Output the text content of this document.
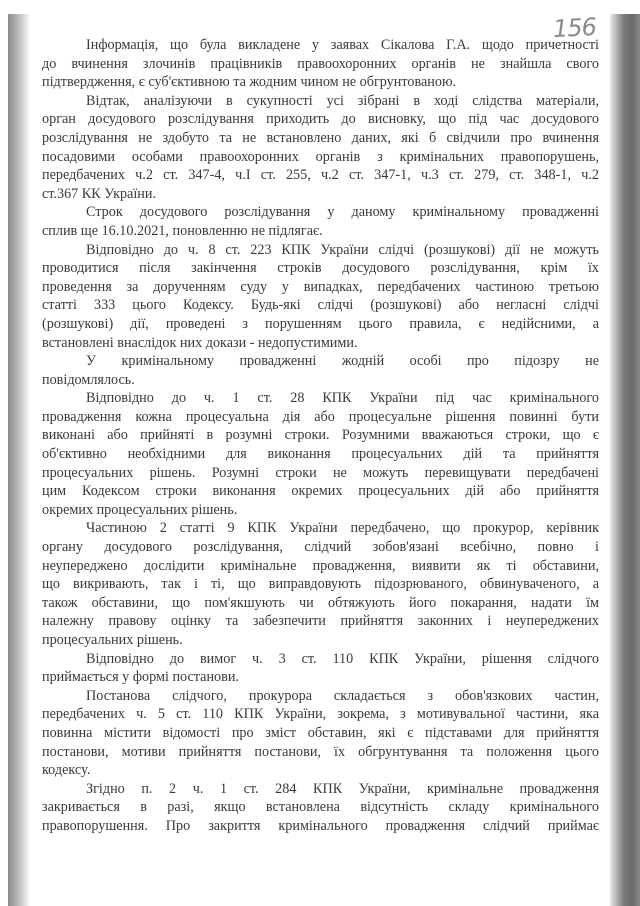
156
Інформація, що була викладене у заявах Сікалова Г.А. щодо причетності
до вчинення злочинів працівників правоохоронних органів не знайшла свого
підтвердження, є суб'єктивною та жодним чином не обгрунтованою.
Відтак, аналізуючи в сукупності усі зібрані в ході слідства матеріали,
орган досудового розслідування приходить до висновку, що під час досудового
розслідування не здобуто та не встановлено даних, які б свідчили про вчинення
посадовими особами правоохоронних органів з кримінальних правопорушень,
передбачених ч.2 ст. 347-4, ч.І ст. 255, ч.2 ст. 347-1, ч.3 ст. 279, ст. 348-1, ч.2
ст.367 КК України.
Строк досудового розслідування у даному кримінальному провадженні
сплив ще 16.10.2021, поновленню не підлягає.
Відповідно до ч. 8 ст. 223 КПК України слідчі (розшукові) дії не можуть
проводитися після закінчення строків досудового розслідування, крім їх
проведення за дорученням суду у випадках, передбачених частиною третьою
статті 333 цього Кодексу. Будь-які слідчі (розшукові) або негласні слідчі
(розшукові) дії, проведені з порушенням цього правила, є недійсними, а
встановлені внаслідок них докази - недопустимими.
У кримінальному провадженні жодній особі про підозру не
повідомлялось.
Відповідно до ч. 1 ст. 28 КПК України під час кримінального
провадження кожна процесуальна дія або процесуальне рішення повинні бути
виконані або прийняті в розумні строки. Розумними вважаються строки, що є
об'єктивно необхідними для виконання процесуальних дій та прийняття
процесуальних рішень. Розумні строки не можуть перевищувати передбачені
цим Кодексом строки виконання окремих процесуальних дій або прийняття
окремих процесуальних рішень.
Частиною 2 статті 9 КПК України передбачено, що прокурор, керівник
органу досудового розслідування, слідчий зобов'язані всебічно, повно і
неупереджено дослідити кримінальне провадження, виявити як ті обставини,
що викривають, так і ті, що виправдовують підозрюваного, обвинуваченого, а
також обставини, що пом'якшують чи обтяжують його покарання, надати їм
належну правову оцінку та забезпечити прийняття законних і неупереджених
процесуальних рішень.
Відповідно до вимог ч. 3 ст. 110 КПК України, рішення слідчого
приймається у формі постанови.
Постанова слідчого, прокурора складається з обов'язкових частин,
передбачених ч. 5 ст. 110 КПК України, зокрема, з мотивувальної частини, яка
повинна містити відомості про зміст обставин, які є підставами для прийняття
постанови, мотиви прийняття постанови, їх обгрунтування та положення цього
кодексу.
Згідно п. 2 ч. 1 ст. 284 КПК України, кримінальне провадження
закривається в разі, якщо встановлена відсутність складу кримінального
правопорушення. Про закриття кримінального провадження слідчий приймає
